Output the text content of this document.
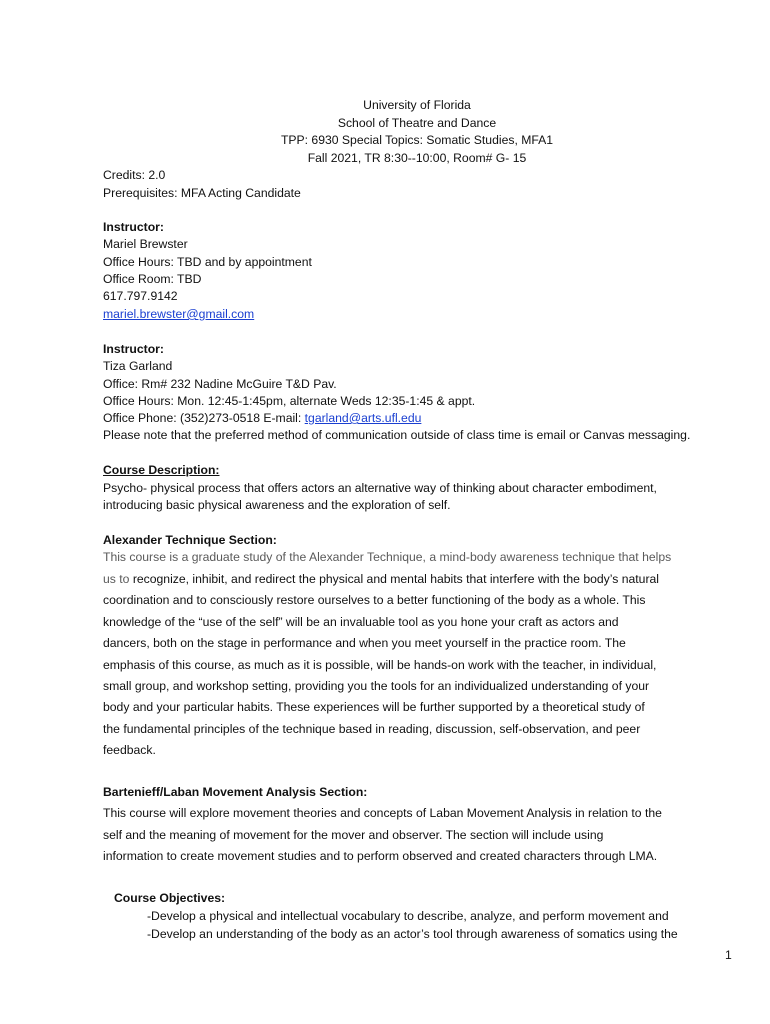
University of Florida
School of Theatre and Dance
TPP: 6930 Special Topics: Somatic Studies, MFA1
Fall 2021, TR 8:30--10:00, Room# G- 15
Credits: 2.0
Prerequisites: MFA Acting Candidate
Instructor:
Mariel Brewster
Office Hours: TBD and by appointment
Office Room: TBD
617.797.9142
mariel.brewster@gmail.com
Instructor:
Tiza Garland
Office: Rm# 232 Nadine McGuire T&D Pav.
Office Hours: Mon. 12:45-1:45pm, alternate Weds 12:35-1:45 & appt.
Office Phone: (352)273-0518 E-mail: tgarland@arts.ufl.edu
Please note that the preferred method of communication outside of class time is email or Canvas messaging.
Course Description:
Psycho- physical process that offers actors an alternative way of thinking about character embodiment,
introducing basic physical awareness and the exploration of self.
Alexander Technique Section:
This course is a graduate study of the Alexander Technique, a mind-body awareness technique that helps
us to recognize, inhibit, and redirect the physical and mental habits that interfere with the body’s natural
coordination and to consciously restore ourselves to a better functioning of the body as a whole. This
knowledge of the “use of the self” will be an invaluable tool as you hone your craft as actors and
dancers, both on the stage in performance and when you meet yourself in the practice room. The
emphasis of this course, as much as it is possible, will be hands-on work with the teacher, in individual,
small group, and workshop setting, providing you the tools for an individualized understanding of your
body and your particular habits. These experiences will be further supported by a theoretical study of
the fundamental principles of the technique based in reading, discussion, self-observation, and peer
feedback.
Bartenieff/Laban Movement Analysis Section:
This course will explore movement theories and concepts of Laban Movement Analysis in relation to the
self and the meaning of movement for the mover and observer. The section will include using
information to create movement studies and to perform observed and created characters through LMA.
Course Objectives:
-Develop a physical and intellectual vocabulary to describe, analyze, and perform movement and
-Develop an understanding of the body as an actor’s tool through awareness of somatics using the
1
